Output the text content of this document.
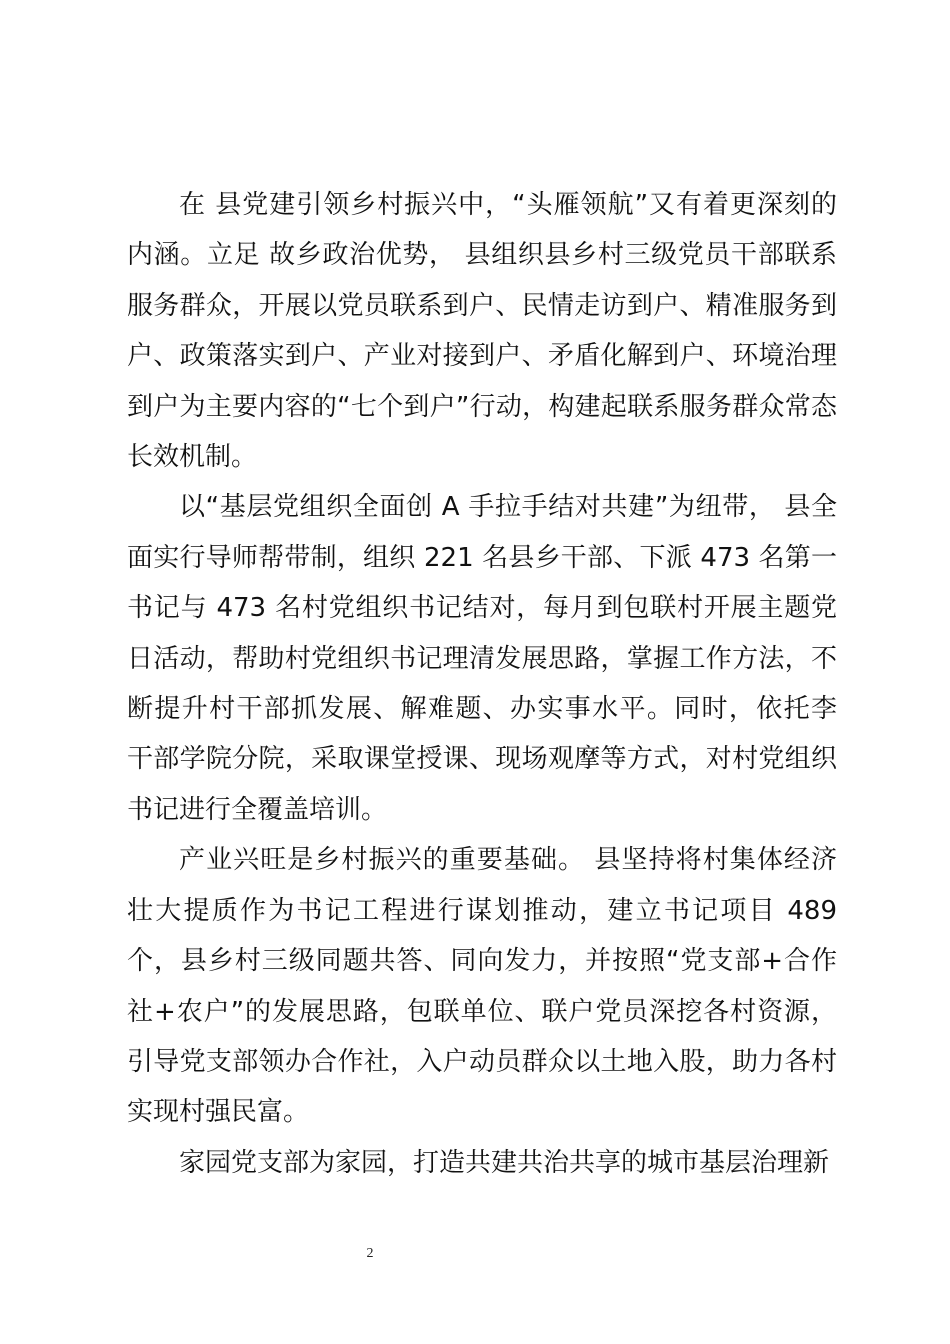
在 县党建引领乡村振兴中，“头雁领航”又有着更深刻的内涵。立足 故乡政治优势， 县组织县乡村三级党员干部联系服务群众，开展以党员联系到户、民情走访到户、精准服务到户、政策落实到户、产业对接到户、矛盾化解到户、环境治理到户为主要内容的“七个到户”行动，构建起联系服务群众常态长效机制。

以“基层党组织全面创 A 手拉手结对共建”为纽带， 县全面实行导师帮带制，组织 221 名县乡干部、下派 473 名第一书记与 473 名村党组织书记结对，每月到包联村开展主题党日活动，帮助村党组织书记理清发展思路，掌握工作方法，不断提升村干部抓发展、解难题、办实事水平。同时，依托李 干部学院分院，采取课堂授课、现场观摩等方式，对村党组织书记进行全覆盖培训。

产业兴旺是乡村振兴的重要基础。 县坚持将村集体经济壮大提质作为书记工程进行谋划推动，建立书记项目 489 个，县乡村三级同题共答、同向发力，并按照“党支部+合作社+农户”的发展思路，包联单位、联户党员深挖各村资源，引导党支部领办合作社，入户动员群众以土地入股，助力各村实现村强民富。

家园党支部为家园，打造共建共治共享的城市基层治理新

2
